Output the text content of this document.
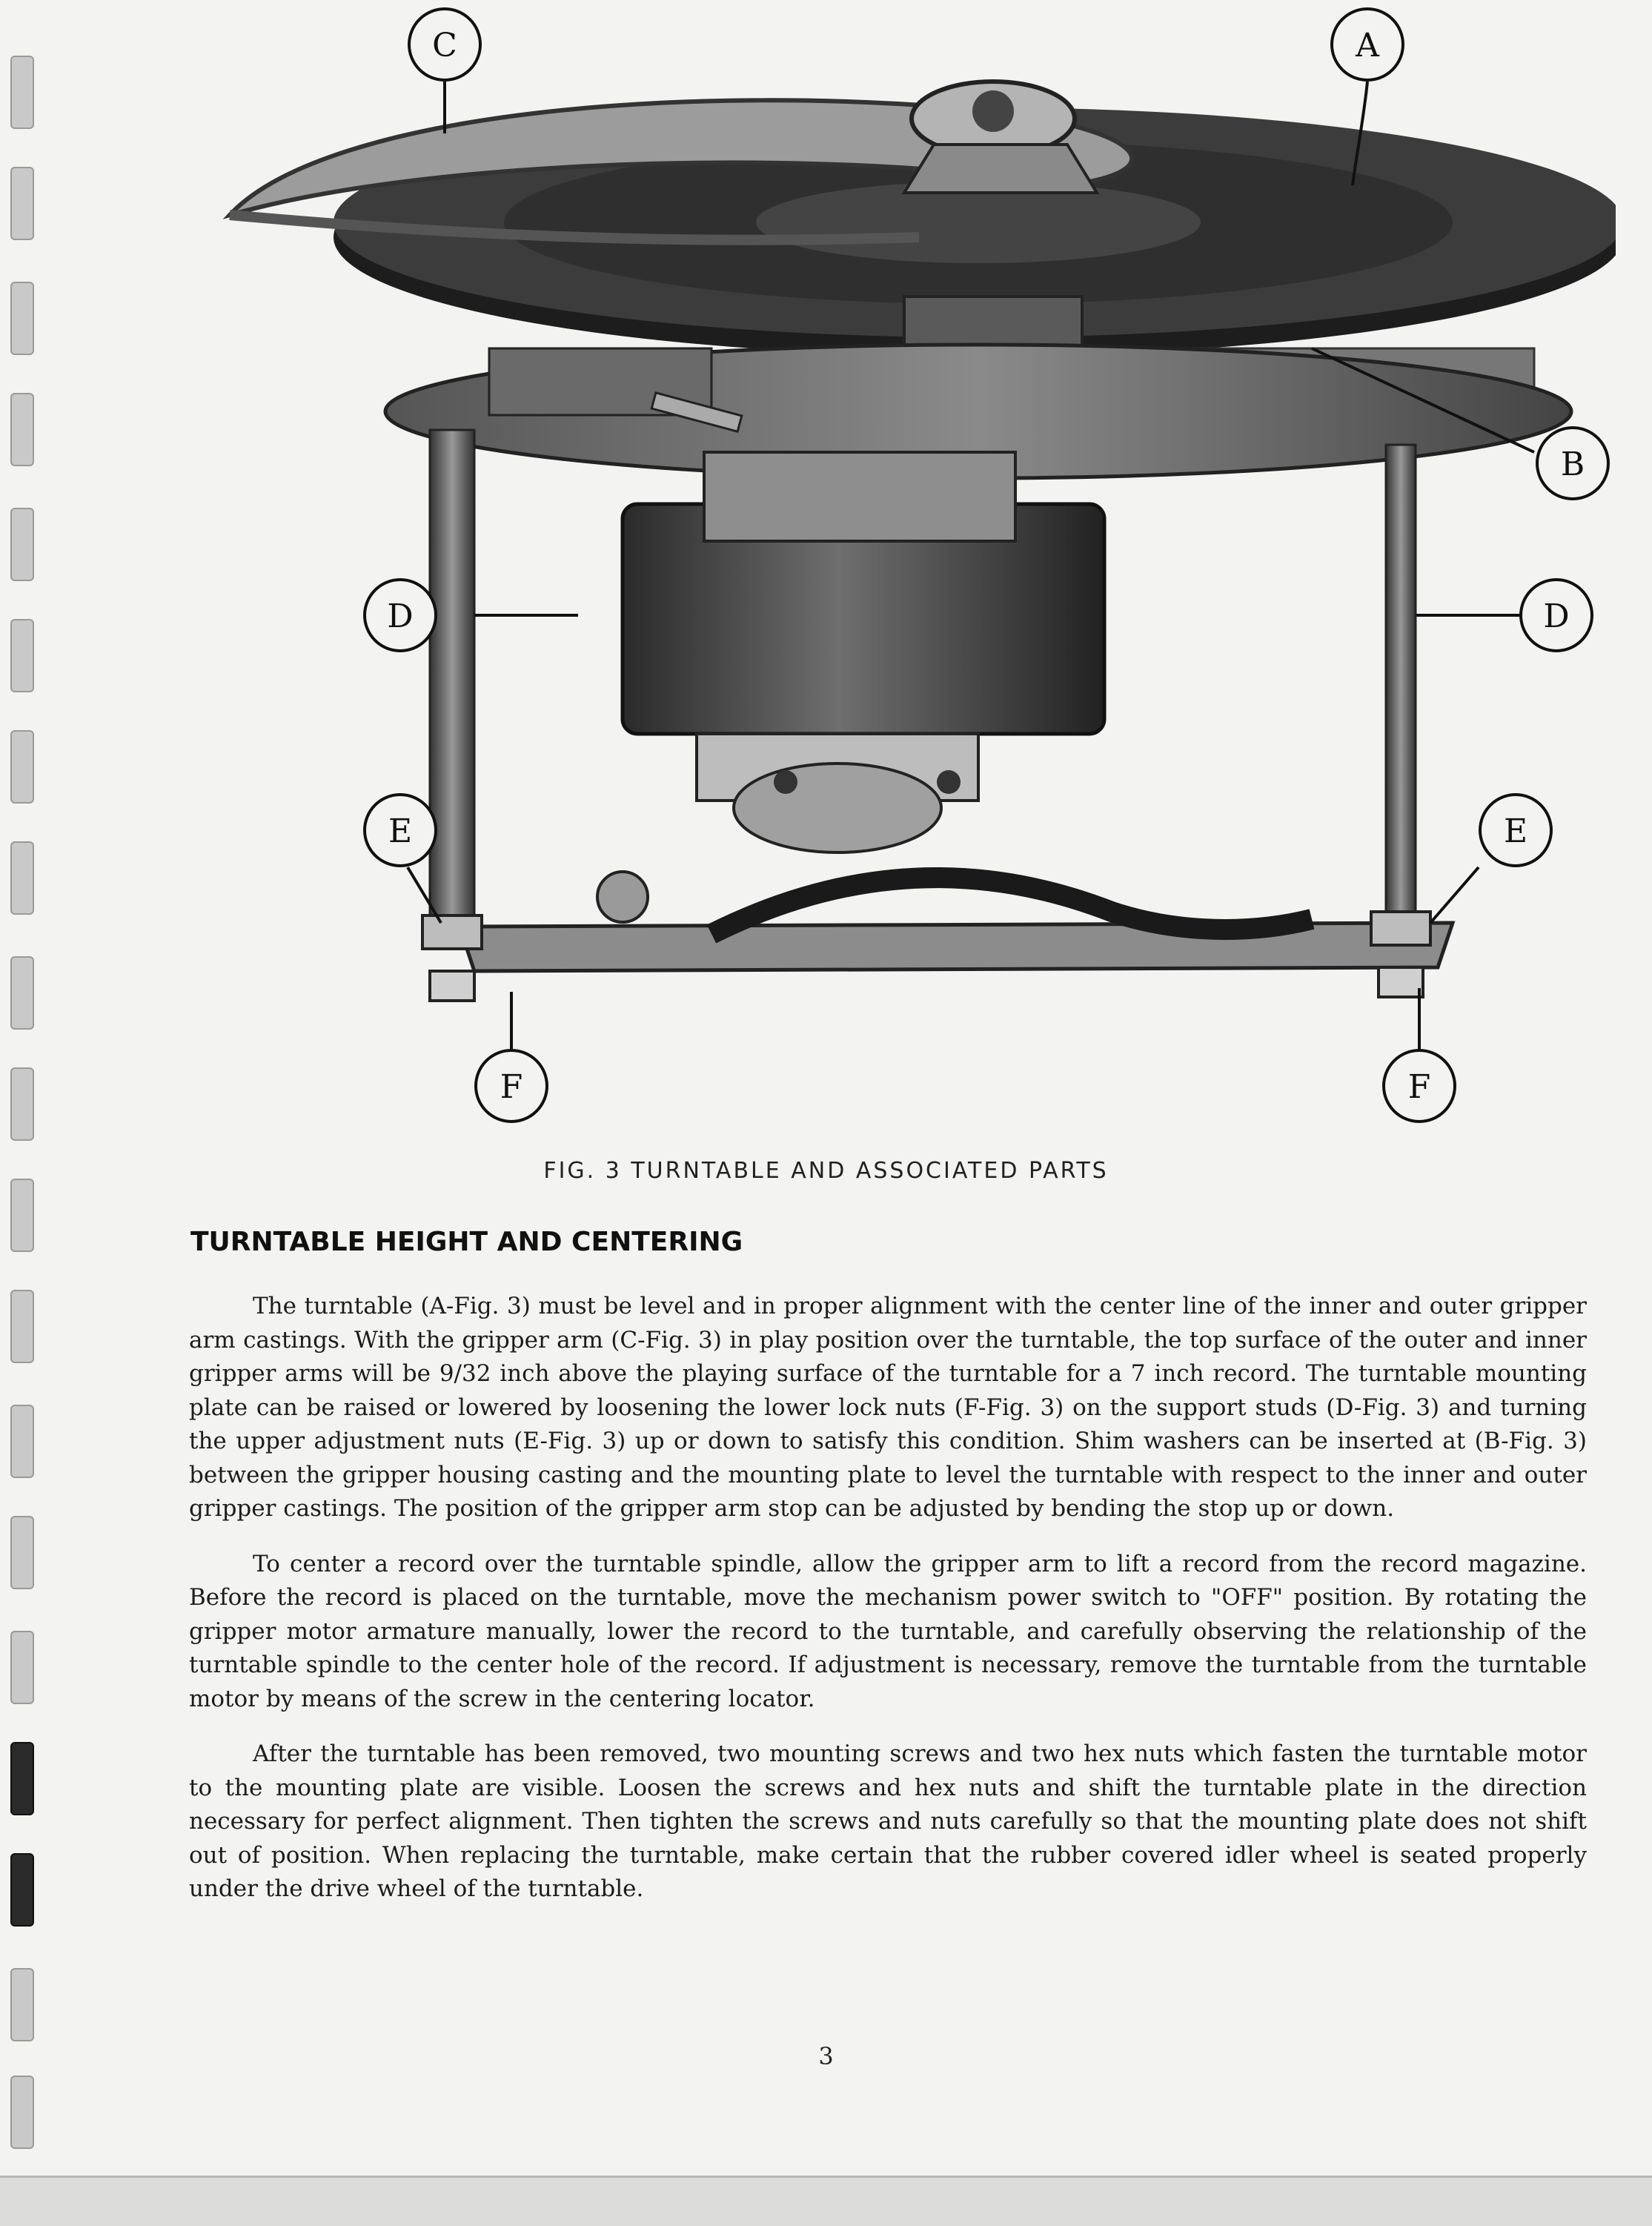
C	A
B
D	D
E	E
F	F
FIG. 3 TURNTABLE AND ASSOCIATED PARTS
TURNTABLE HEIGHT AND CENTERING

The turntable (A-Fig. 3) must be level and in proper alignment with the center line of the inner and outer gripper arm castings. With the gripper arm (C-Fig. 3) in play position over the turntable, the top surface of the outer and inner gripper arms will be 9/32 inch above the playing surface of the turntable for a 7 inch record. The turntable mounting plate can be raised or lowered by loosening the lower lock nuts (F-Fig. 3) on the support studs (D-Fig. 3) and turning the upper adjustment nuts (E-Fig. 3) up or down to satisfy this condition. Shim washers can be inserted at (B-Fig. 3) between the gripper housing casting and the mounting plate to level the turntable with respect to the inner and outer gripper castings. The position of the gripper arm stop can be adjusted by bending the stop up or down.

To center a record over the turntable spindle, allow the gripper arm to lift a record from the record magazine. Before the record is placed on the turntable, move the mechanism power switch to "OFF" position. By rotating the gripper motor armature manually, lower the record to the turntable, and carefully observing the relationship of the turntable spindle to the center hole of the record. If adjustment is necessary, remove the turntable from the turntable motor by means of the screw in the centering locator.

After the turntable has been removed, two mounting screws and two hex nuts which fasten the turntable motor to the mounting plate are visible. Loosen the screws and hex nuts and shift the turntable plate in the direction necessary for perfect alignment. Then tighten the screws and nuts carefully so that the mounting plate does not shift out of position. When replacing the turntable, make certain that the rubber covered idler wheel is seated properly under the drive wheel of the turntable.

3
